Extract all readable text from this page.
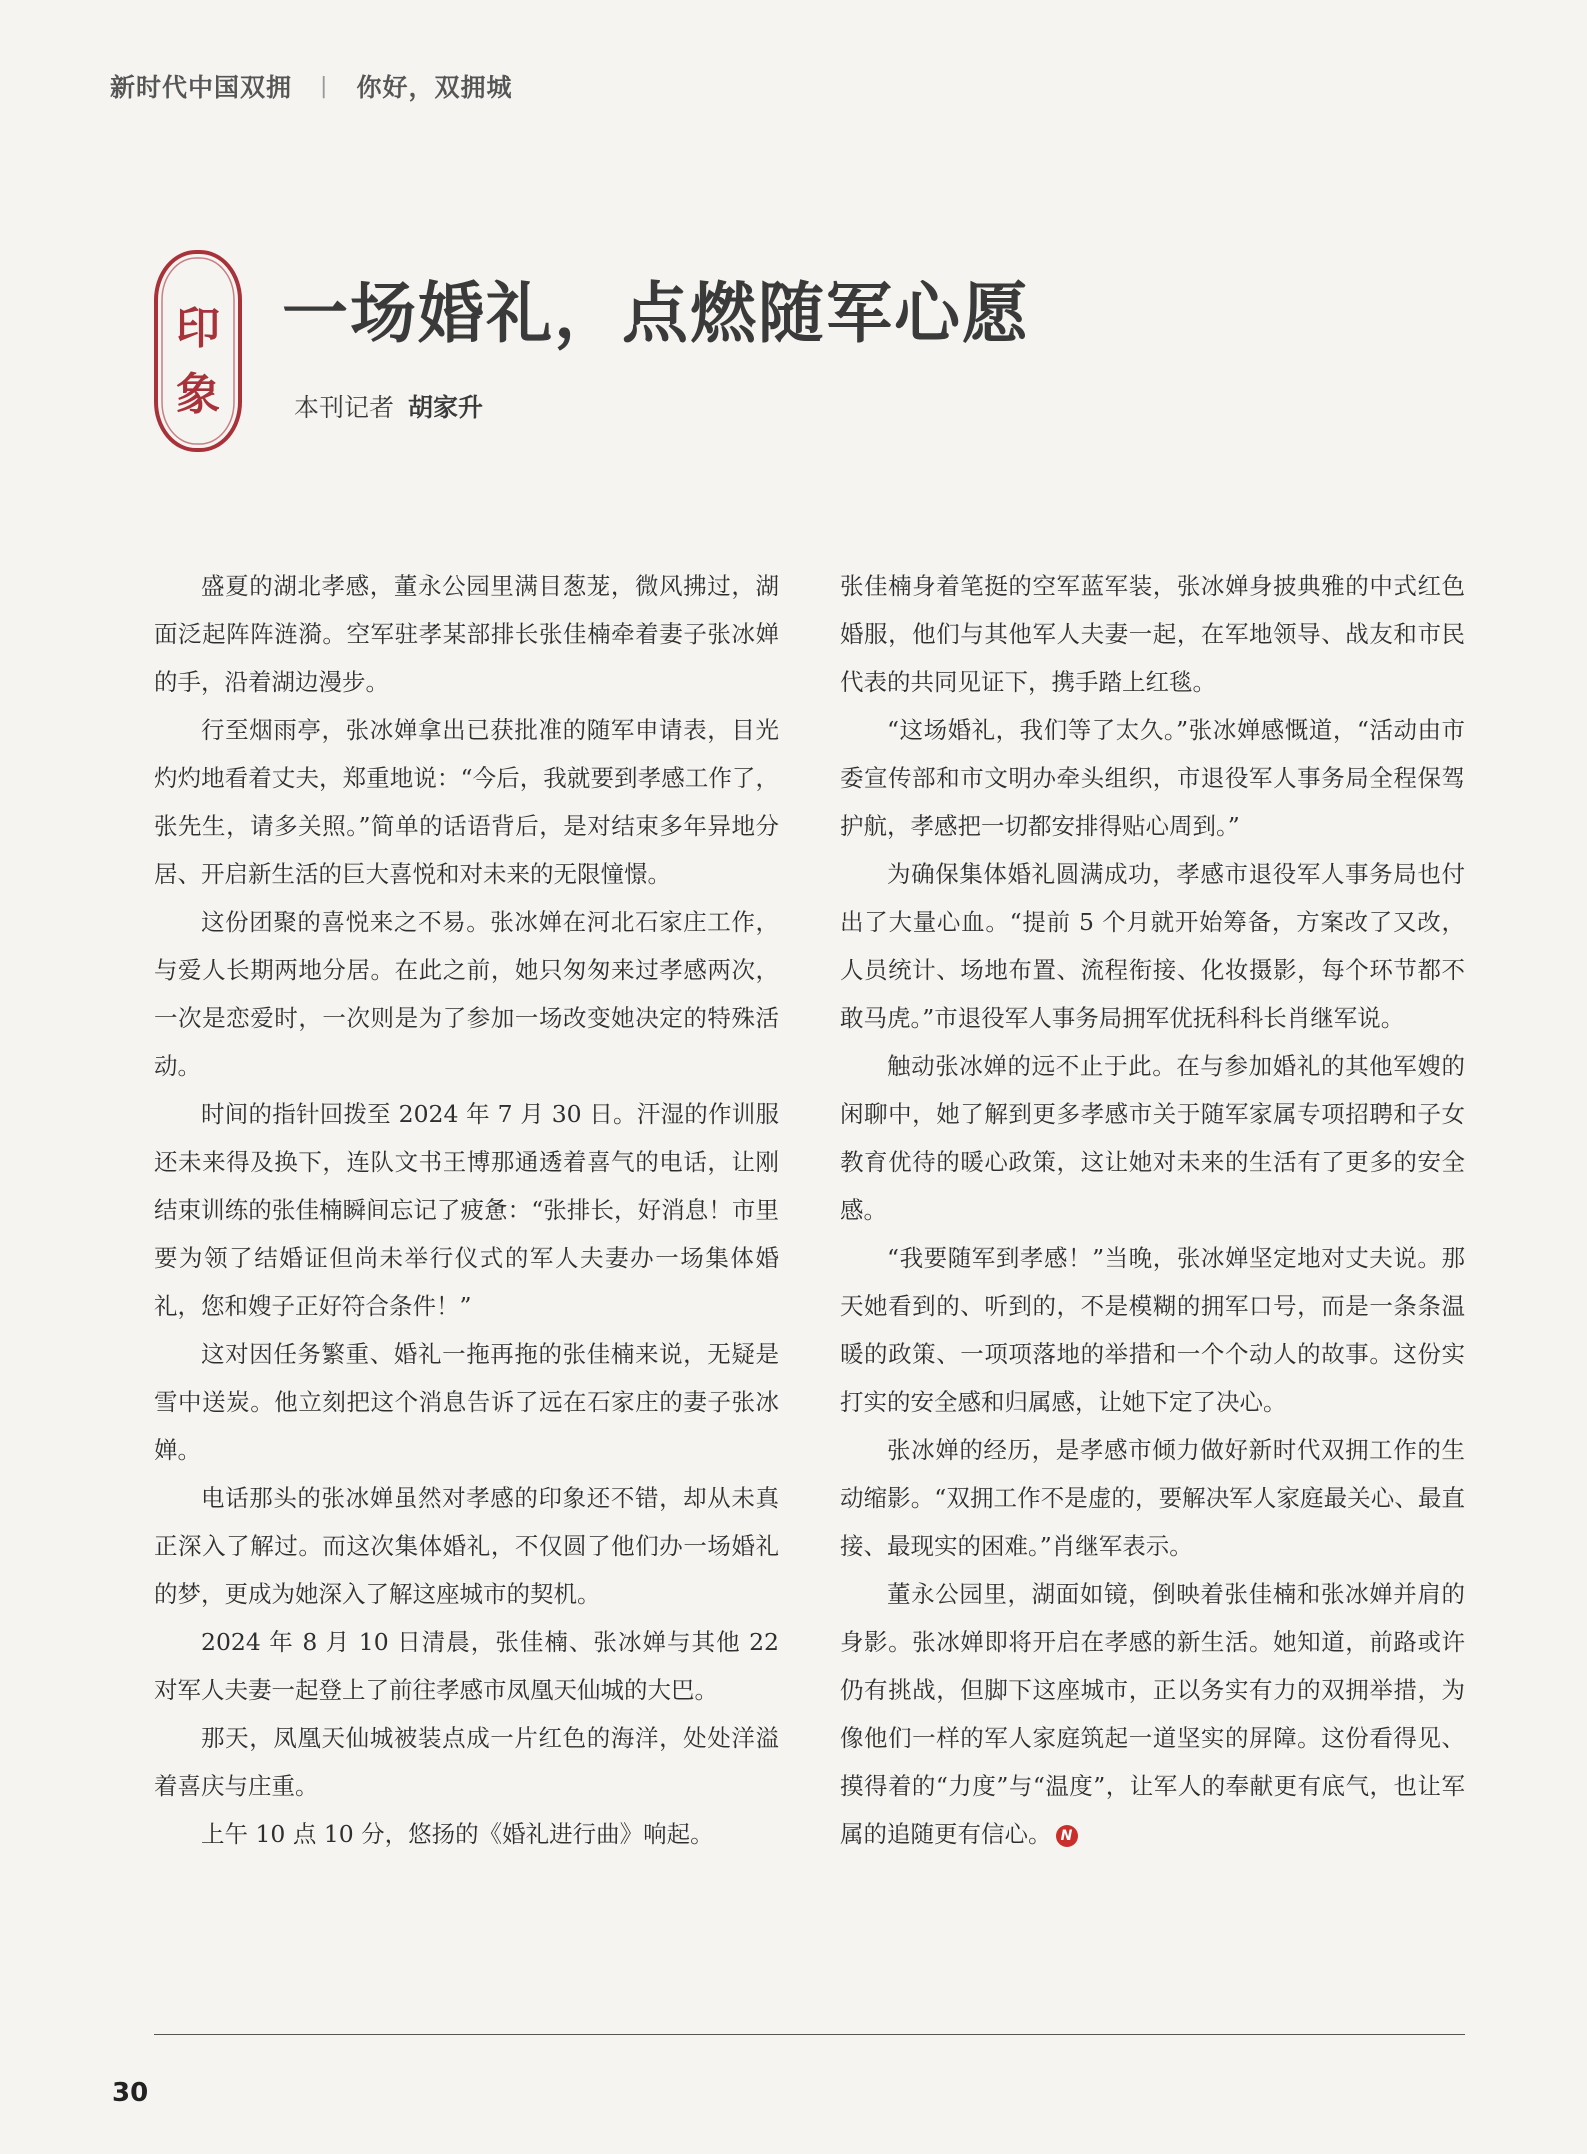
新时代中国双拥 | 你好，双拥城
印
象
一场婚礼，点燃随军心愿
本刊记者 胡家升

盛夏的湖北孝感，董永公园里满目葱茏，微风拂过，湖面泛起阵阵涟漪。空军驻孝某部排长张佳楠牵着妻子张冰婵的手，沿着湖边漫步。

行至烟雨亭，张冰婵拿出已获批准的随军申请表，目光灼灼地看着丈夫，郑重地说：“今后，我就要到孝感工作了，张先生，请多关照。”简单的话语背后，是对结束多年异地分居、开启新生活的巨大喜悦和对未来的无限憧憬。

这份团聚的喜悦来之不易。张冰婵在河北石家庄工作，与爱人长期两地分居。在此之前，她只匆匆来过孝感两次，一次是恋爱时，一次则是为了参加一场改变她决定的特殊活动。

时间的指针回拨至 2024 年 7 月 30 日。汗湿的作训服还未来得及换下，连队文书王博那通透着喜气的电话，让刚结束训练的张佳楠瞬间忘记了疲惫：“张排长，好消息！市里要为领了结婚证但尚未举行仪式的军人夫妻办一场集体婚礼，您和嫂子正好符合条件！”

这对因任务繁重、婚礼一拖再拖的张佳楠来说，无疑是雪中送炭。他立刻把这个消息告诉了远在石家庄的妻子张冰婵。

电话那头的张冰婵虽然对孝感的印象还不错，却从未真正深入了解过。而这次集体婚礼，不仅圆了他们办一场婚礼的梦，更成为她深入了解这座城市的契机。

2024 年 8 月 10 日清晨，张佳楠、张冰婵与其他 22 对军人夫妻一起登上了前往孝感市凤凰天仙城的大巴。

那天，凤凰天仙城被装点成一片红色的海洋，处处洋溢着喜庆与庄重。

上午 10 点 10 分，悠扬的《婚礼进行曲》响起。

张佳楠身着笔挺的空军蓝军装，张冰婵身披典雅的中式红色婚服，他们与其他军人夫妻一起，在军地领导、战友和市民代表的共同见证下，携手踏上红毯。

“这场婚礼，我们等了太久。”张冰婵感慨道，“活动由市委宣传部和市文明办牵头组织，市退役军人事务局全程保驾护航，孝感把一切都安排得贴心周到。”

为确保集体婚礼圆满成功，孝感市退役军人事务局也付出了大量心血。“提前 5 个月就开始筹备，方案改了又改，人员统计、场地布置、流程衔接、化妆摄影，每个环节都不敢马虎。”市退役军人事务局拥军优抚科科长肖继军说。

触动张冰婵的远不止于此。在与参加婚礼的其他军嫂的闲聊中，她了解到更多孝感市关于随军家属专项招聘和子女教育优待的暖心政策，这让她对未来的生活有了更多的安全感。

“我要随军到孝感！”当晚，张冰婵坚定地对丈夫说。那天她看到的、听到的，不是模糊的拥军口号，而是一条条温暖的政策、一项项落地的举措和一个个动人的故事。这份实打实的安全感和归属感，让她下定了决心。

张冰婵的经历，是孝感市倾力做好新时代双拥工作的生动缩影。“双拥工作不是虚的，要解决军人家庭最关心、最直接、最现实的困难。”肖继军表示。

董永公园里，湖面如镜，倒映着张佳楠和张冰婵并肩的身影。张冰婵即将开启在孝感的新生活。她知道，前路或许仍有挑战，但脚下这座城市，正以务实有力的双拥举措，为像他们一样的军人家庭筑起一道坚实的屏障。这份看得见、摸得着的“力度”与“温度”，让军人的奉献更有底气，也让军属的追随更有信心。 N

30
